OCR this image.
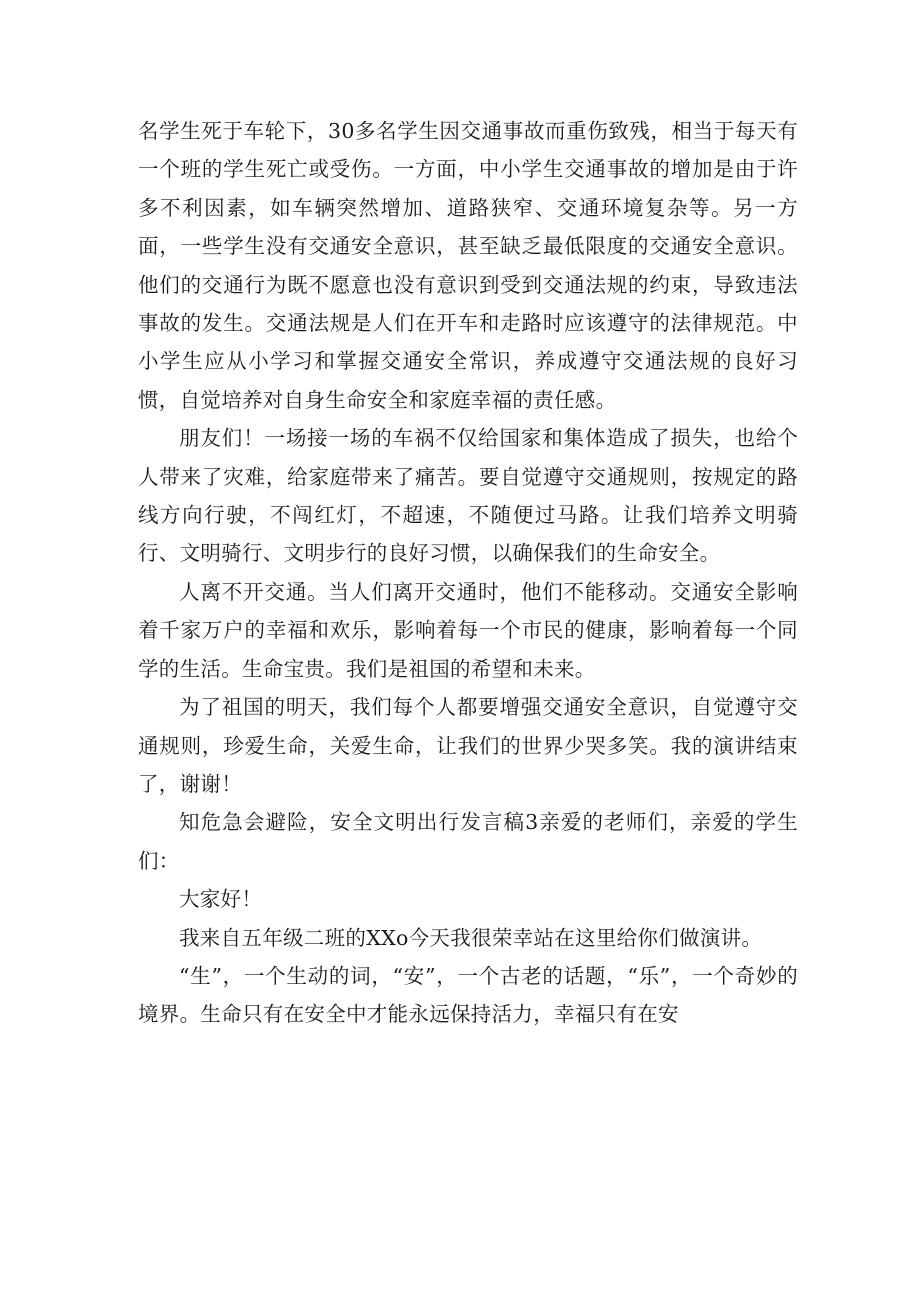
名学生死于车轮下，30多名学生因交通事故而重伤致残，相当于每天有一个班的学生死亡或受伤。一方面，中小学生交通事故的增加是由于许多不利因素，如车辆突然增加、道路狭窄、交通环境复杂等。另一方面，一些学生没有交通安全意识，甚至缺乏最低限度的交通安全意识。他们的交通行为既不愿意也没有意识到受到交通法规的约束，导致违法事故的发生。交通法规是人们在开车和走路时应该遵守的法律规范。中小学生应从小学习和掌握交通安全常识，养成遵守交通法规的良好习惯，自觉培养对自身生命安全和家庭幸福的责任感。

朋友们！一场接一场的车祸不仅给国家和集体造成了损失，也给个人带来了灾难，给家庭带来了痛苦。要自觉遵守交通规则，按规定的路线方向行驶，不闯红灯，不超速，不随便过马路。让我们培养文明骑行、文明骑行、文明步行的良好习惯，以确保我们的生命安全。

人离不开交通。当人们离开交通时，他们不能移动。交通安全影响着千家万户的幸福和欢乐，影响着每一个市民的健康，影响着每一个同学的生活。生命宝贵。我们是祖国的希望和未来。

为了祖国的明天，我们每个人都要增强交通安全意识，自觉遵守交通规则，珍爱生命，关爱生命，让我们的世界少哭多笑。我的演讲结束了，谢谢！

知危急会避险，安全文明出行发言稿3亲爱的老师们，亲爱的学生们：

大家好！

我来自五年级二班的XXo今天我很荣幸站在这里给你们做演讲。

“生”，一个生动的词，“安”，一个古老的话题，“乐”，一个奇妙的境界。生命只有在安全中才能永远保持活力，幸福只有在安
